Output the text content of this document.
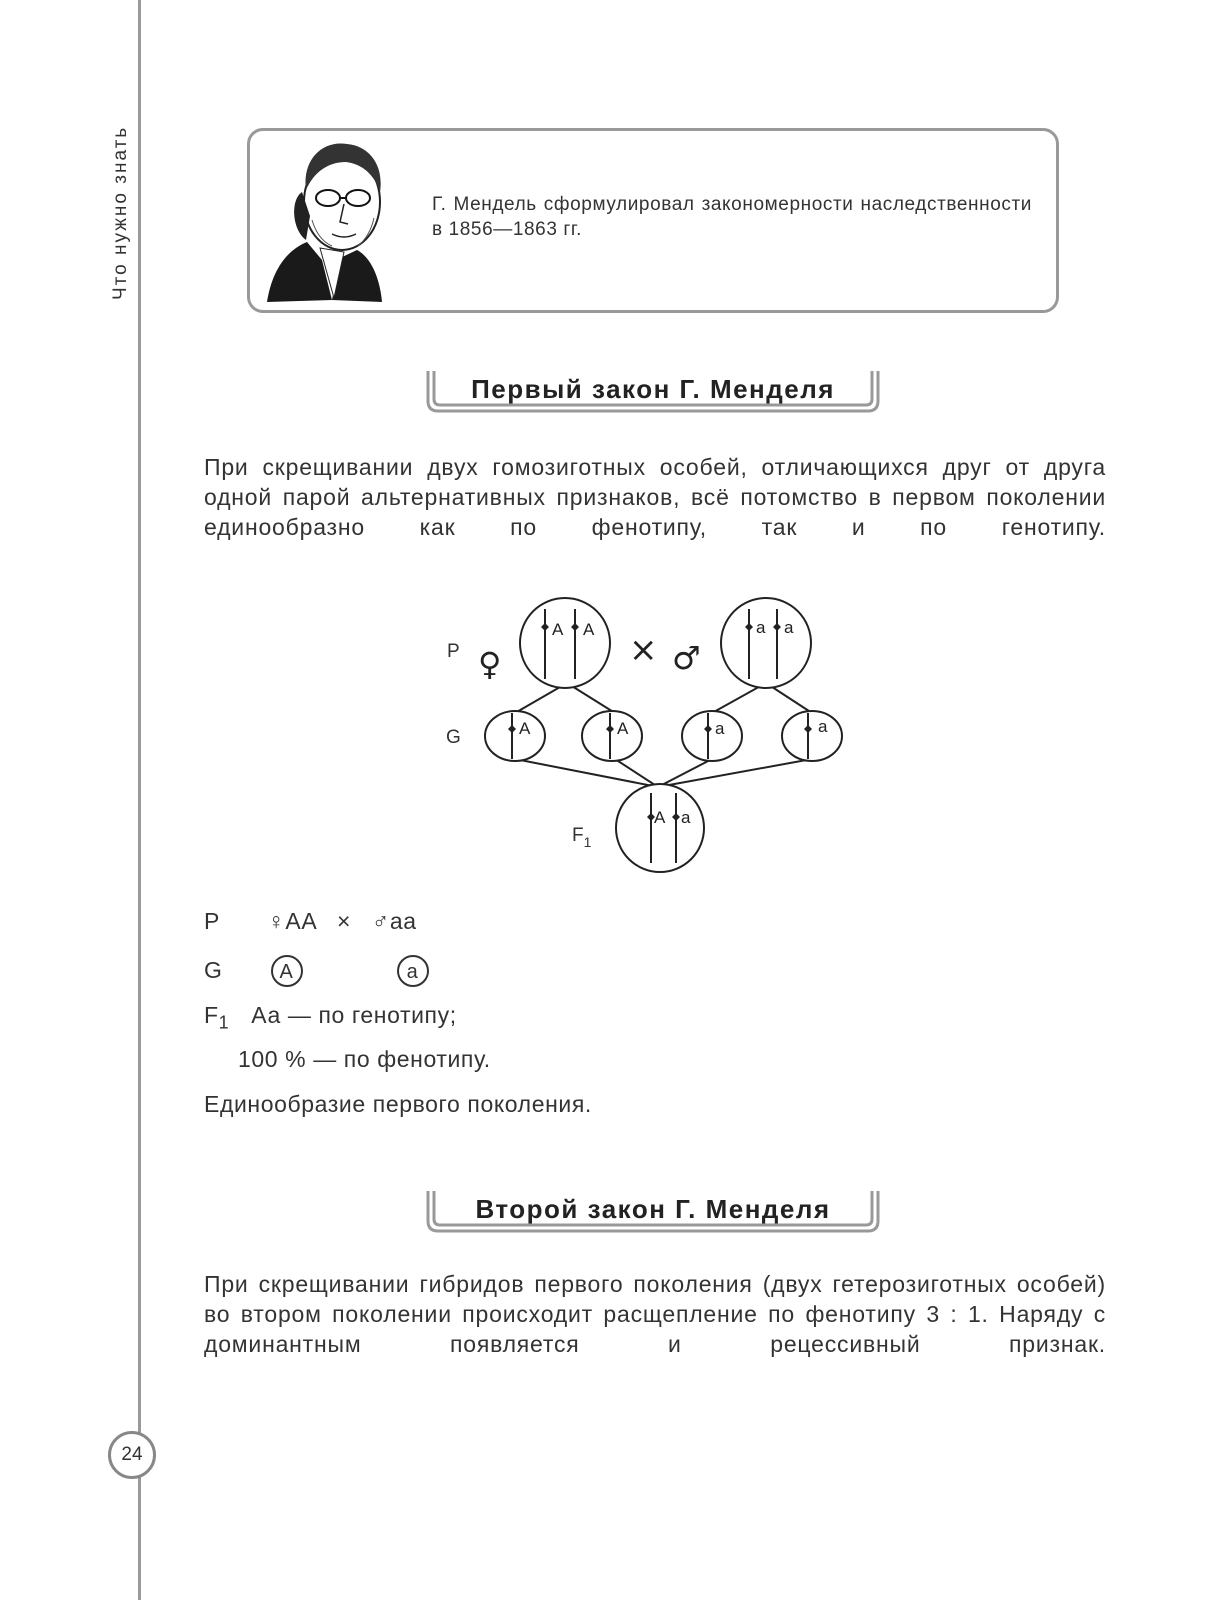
Что нужно знать
24
Г. Мендель сформулировал закономерности наследственности в 1856—1863 гг.
Первый закон Г. Менделя
При скрещивании двух гомозиготных особей, отличающихся друг от друга одной парой альтернативных признаков, всё потомство в первом поколении единообразно как по фенотипу, так и по генотипу.
P
G
$F_1$
♀	× ♂
A A	a a
A	A	a	a
A a
P ♀AA   ×   ♂aa
G	A	a
$F_1$ Аа — по генотипу;
100 % — по фенотипу.
Единообразие первого поколения.
Второй закон Г. Менделя
При скрещивании гибридов первого поколения (двух гетерозиготных особей) во втором поколении происходит расщепление по фенотипу 3 : 1. Наряду с доминантным появляется и рецессивный признак.
